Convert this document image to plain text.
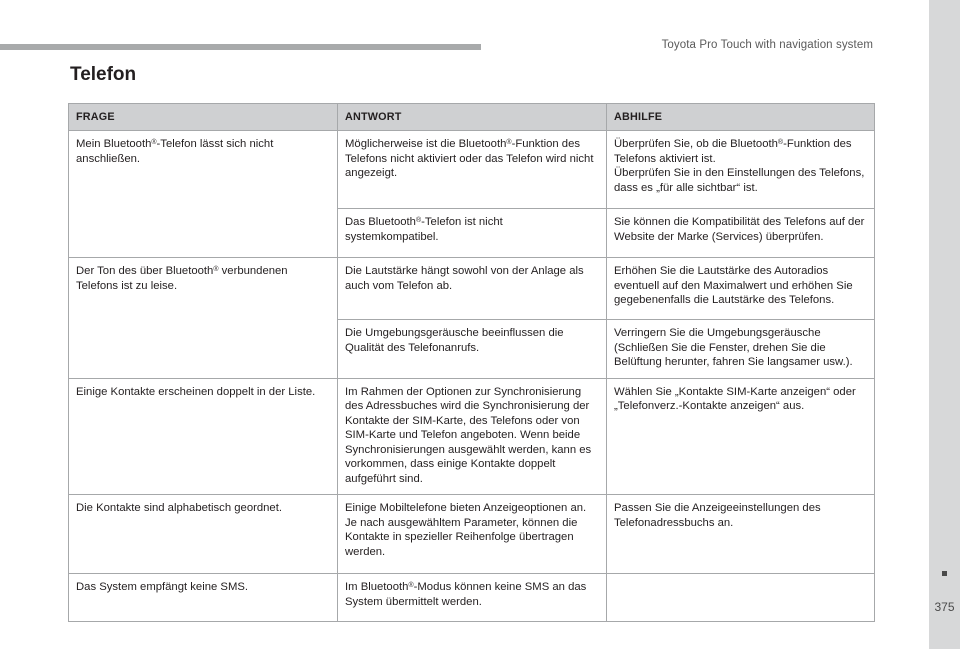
Toyota Pro Touch with navigation system
375
Telefon
FRAGE	ANTWORT	ABHILFE
Mein Bluetooth®-Telefon lässt sich nicht anschließen.	Möglicherweise ist die Bluetooth®-Funktion des Telefons nicht aktiviert oder das Telefon wird nicht angezeigt.	Überprüfen Sie, ob die Bluetooth®-Funktion des Telefons aktiviert ist.
Überprüfen Sie in den Einstellungen des Telefons, dass es „für alle sichtbar“ ist.
	Das Bluetooth®-Telefon ist nicht systemkompatibel.	Sie können die Kompatibilität des Telefons auf der Website der Marke (Services) überprüfen.
Der Ton des über Bluetooth® verbundenen Telefons ist zu leise.	Die Lautstärke hängt sowohl von der Anlage als auch vom Telefon ab.	Erhöhen Sie die Lautstärke des Autoradios eventuell auf den Maximalwert und erhöhen Sie gegebenenfalls die Lautstärke des Telefons.
	Die Umgebungsgeräusche beeinflussen die Qualität des Telefonanrufs.	Verringern Sie die Umgebungsgeräusche (Schließen Sie die Fenster, drehen Sie die Belüftung herunter, fahren Sie langsamer usw.).
Einige Kontakte erscheinen doppelt in der Liste.	Im Rahmen der Optionen zur Synchronisierung des Adressbuches wird die Synchronisierung der Kontakte der SIM-Karte, des Telefons oder von SIM-Karte und Telefon angeboten. Wenn beide Synchronisierungen ausgewählt werden, kann es vorkommen, dass einige Kontakte doppelt aufgeführt sind.	Wählen Sie „Kontakte SIM-Karte anzeigen“ oder „Telefonverz.-Kontakte anzeigen“ aus.
Die Kontakte sind alphabetisch geordnet.	Einige Mobiltelefone bieten Anzeigeoptionen an. Je nach ausgewähltem Parameter, können die Kontakte in spezieller Reihenfolge übertragen werden.	Passen Sie die Anzeigeeinstellungen des Telefonadressbuchs an.
Das System empfängt keine SMS.	Im Bluetooth®-Modus können keine SMS an das System übermittelt werden.	
